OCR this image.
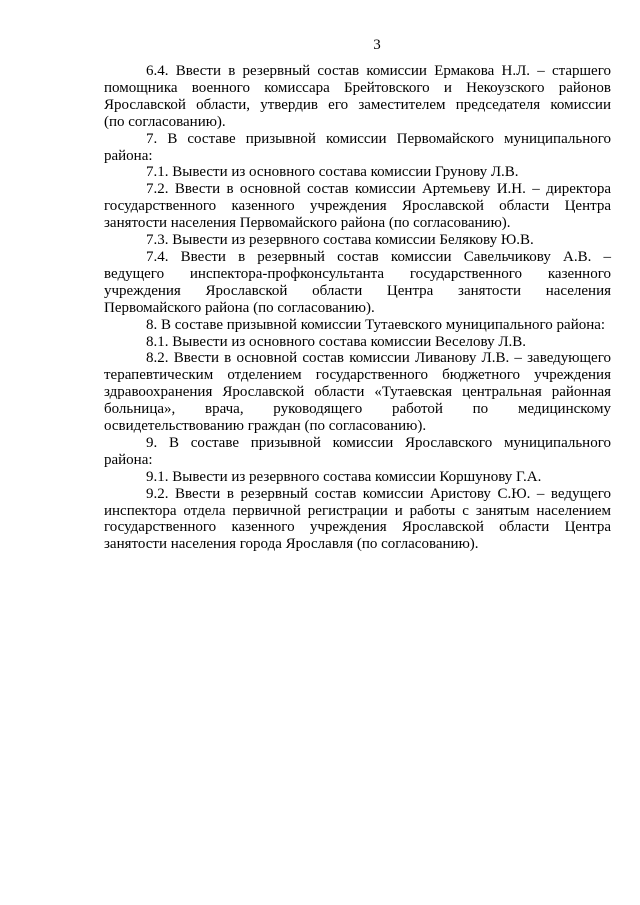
3
6.4. Ввести в резервный состав комиссии Ермакова Н.Л. – старшего
помощника военного комиссара Брейтовского и Некоузского районов
Ярославской области, утвердив его заместителем председателя комиссии
(по согласованию).
7. В составе призывной комиссии Первомайского муниципального
района:
7.1. Вывести из основного состава комиссии Грунову Л.В.
7.2. Ввести в основной состав комиссии Артемьеву И.Н. – директора
государственного казенного учреждения Ярославской области Центра
занятости населения Первомайского района (по согласованию).
7.3. Вывести из резервного состава комиссии Белякову Ю.В.
7.4. Ввести в резервный состав комиссии Савельчикову А.В. –
ведущего инспектора-профконсультанта государственного казенного
учреждения Ярославской области Центра занятости населения
Первомайского района (по согласованию).
8. В составе призывной комиссии Тутаевского муниципального района:
8.1. Вывести из основного состава комиссии Веселову Л.В.
8.2. Ввести в основной состав комиссии Ливанову Л.В. – заведующего
терапевтическим отделением государственного бюджетного учреждения
здравоохранения Ярославской области «Тутаевская центральная районная
больница», врача, руководящего работой по медицинскому
освидетельствованию граждан (по согласованию).
9. В составе призывной комиссии Ярославского муниципального
района:
9.1. Вывести из резервного состава комиссии Коршунову Г.А.
9.2. Ввести в резервный состав комиссии Аристову С.Ю. – ведущего
инспектора отдела первичной регистрации и работы с занятым населением
государственного казенного учреждения Ярославской области Центра
занятости населения города Ярославля (по согласованию).
